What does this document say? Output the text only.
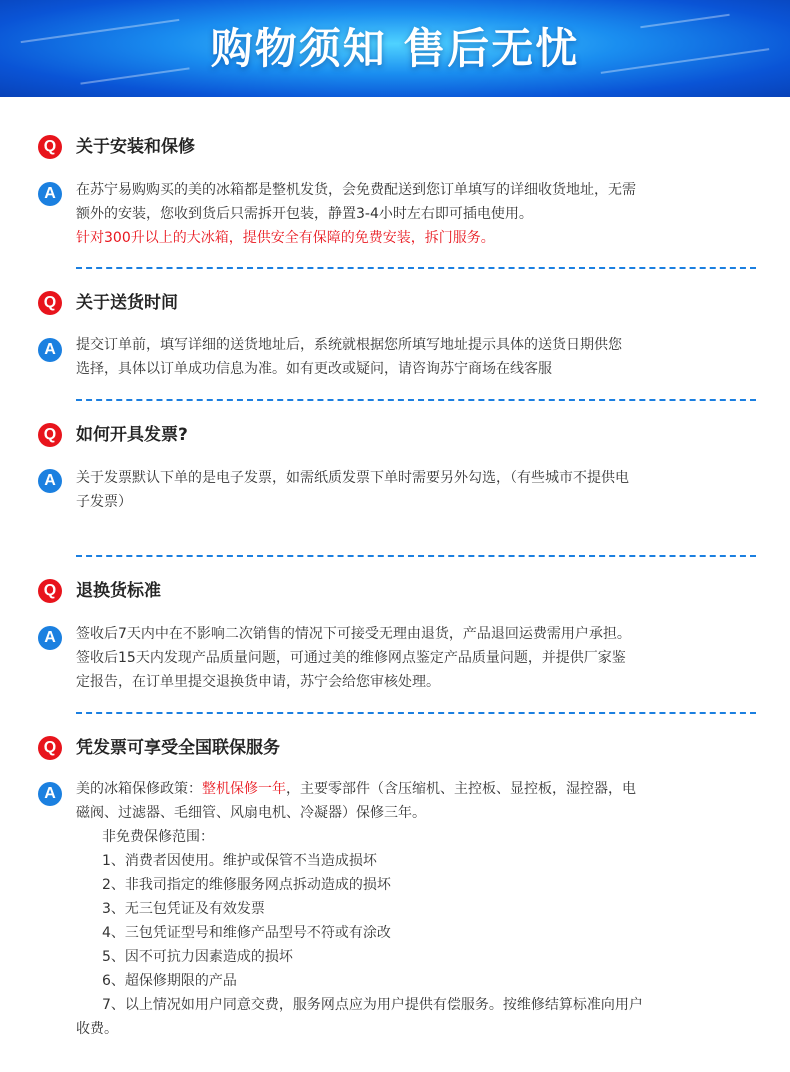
购物须知 售后无忧
Q	关于安装和保修
A	在苏宁易购购买的美的冰箱都是整机发货，会免费配送到您订单填写的详细收货地址，无需
额外的安装，您收到货后只需拆开包装，静置3-4小时左右即可插电使用。
针对300升以上的大冰箱，提供安全有保障的免费安装，拆门服务。
Q	关于送货时间
A	提交订单前，填写详细的送货地址后，系统就根据您所填写地址提示具体的送货日期供您
选择，具体以订单成功信息为准。如有更改或疑问，请咨询苏宁商场在线客服
Q	如何开具发票?
A	关于发票默认下单的是电子发票，如需纸质发票下单时需要另外勾选，（有些城市不提供电
子发票）
Q	退换货标准
A	签收后7天内中在不影响二次销售的情况下可接受无理由退货，产品退回运费需用户承担。
签收后15天内发现产品质量问题，可通过美的维修网点鉴定产品质量问题，并提供厂家鉴
定报告，在订单里提交退换货申请，苏宁会给您审核处理。
Q	凭发票可享受全国联保服务
A	美的冰箱保修政策：整机保修一年，主要零部件（含压缩机、主控板、显控板，湿控器，电
磁阀、过滤器、毛细管、风扇电机、冷凝器）保修三年。
非免费保修范围：
1、消费者因使用。维护或保管不当造成损坏
2、非我司指定的维修服务网点拆动造成的损坏
3、无三包凭证及有效发票
4、三包凭证型号和维修产品型号不符或有涂改
5、因不可抗力因素造成的损坏
6、超保修期限的产品
7、以上情况如用户同意交费，服务网点应为用户提供有偿服务。按维修结算标准向用户
收费。
